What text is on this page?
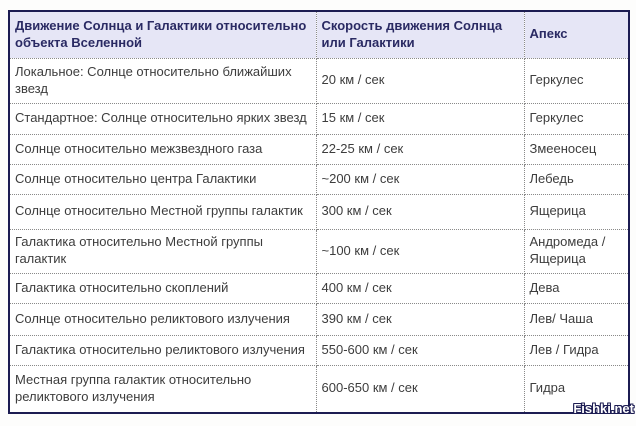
Движение Солнца и Галактики относительно объекта Вселенной	Скорость движения Солнца или Галактики	Апекс
Локальное: Солнце относительно ближайших звезд	20 км / сек	Геркулес
Стандартное: Солнце относительно ярких звезд	15 км / сек	Геркулес
Солнце относительно межзвездного газа	22-25 км / сек	Змееносец
Солнце относительно центра Галактики	~200 км / сек	Лебедь
Солнце относительно Местной группы галактик	300 км / сек	Ящерица
Галактика относительно Местной группы галактик	~100 км / сек	Андромеда / Ящерица
Галактика относительно скоплений	400 км / сек	Дева
Солнце относительно реликтового излучения	390 км / сек	Лев/ Чаша
Галактика относительно реликтового излучения	550-600 км / сек	Лев / Гидра
Местная группа галактик относительно реликтового излучения	600-650 км / сек	Гидра
Fishki.net
